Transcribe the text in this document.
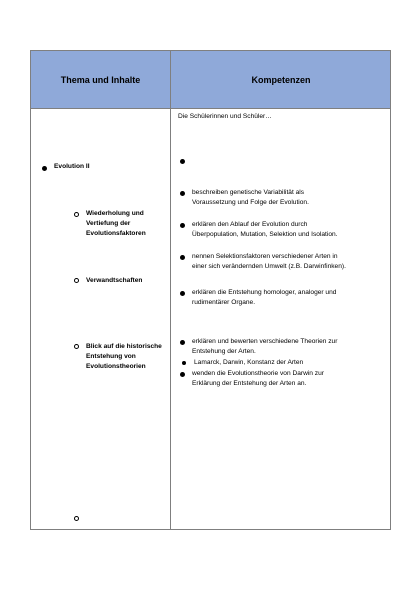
Thema und Inhalte	Kompetenzen
Evolution II
Wiederholung und
Vertiefung der
Evolutionsfaktoren
Verwandtschaften
Blick auf die historische
Entstehung von
Evolutionstheorien
Die Schülerinnen und Schüler…
beschreiben genetische Variabilität als
Voraussetzung und Folge der Evolution.
erklären den Ablauf der Evolution durch
Überpopulation, Mutation, Selektion und Isolation.
nennen Selektionsfaktoren verschiedener Arten in
einer sich verändernden Umwelt (z.B. Darwinfinken).
erklären die Entstehung homologer, analoger und
rudimentärer Organe.
erklären und bewerten verschiedene Theorien zur
Entstehung der Arten.
Lamarck, Darwin, Konstanz der Arten
wenden die Evolutionstheorie von Darwin zur
Erklärung der Entstehung der Arten an.
